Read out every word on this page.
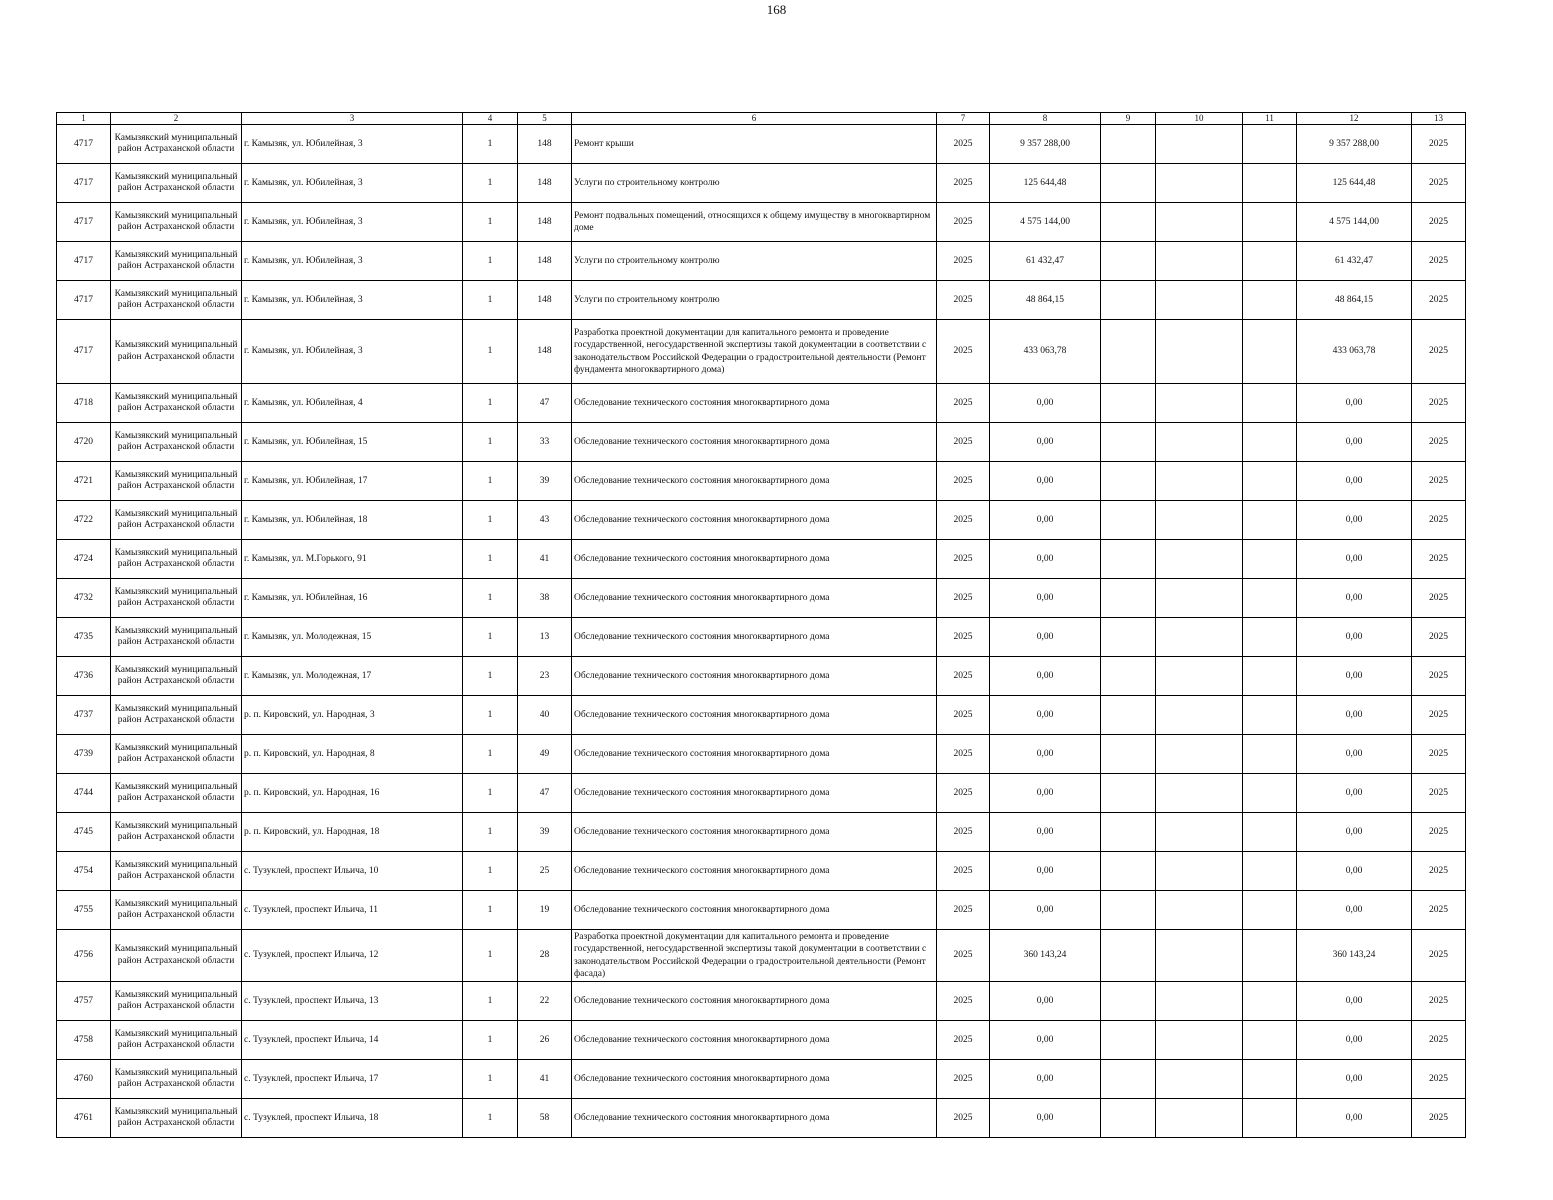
168
1	2	3	4	5	6	7	8	9	10	11	12	13
4717	Камызякский муниципальный район Астраханской области	г. Камызяк, ул. Юбилейная, 3	1	148	Ремонт крыши	2025	9 357 288,00				9 357 288,00	2025
4717	Камызякский муниципальный район Астраханской области	г. Камызяк, ул. Юбилейная, 3	1	148	Услуги по строительному контролю	2025	125 644,48				125 644,48	2025
4717	Камызякский муниципальный район Астраханской области	г. Камызяк, ул. Юбилейная, 3	1	148	Ремонт подвальных помещений, относящихся к общему имуществу в многоквартирном доме	2025	4 575 144,00				4 575 144,00	2025
4717	Камызякский муниципальный район Астраханской области	г. Камызяк, ул. Юбилейная, 3	1	148	Услуги по строительному контролю	2025	61 432,47				61 432,47	2025
4717	Камызякский муниципальный район Астраханской области	г. Камызяк, ул. Юбилейная, 3	1	148	Услуги по строительному контролю	2025	48 864,15				48 864,15	2025
4717	Камызякский муниципальный район Астраханской области	г. Камызяк, ул. Юбилейная, 3	1	148	Разработка проектной документации для капитального ремонта и проведение государственной, негосударственной экспертизы такой документации в соответствии с законодательством Российской Федерации о градостроительной деятельности (Ремонт фундамента многоквартирного дома)	2025	433 063,78				433 063,78	2025
4718	Камызякский муниципальный район Астраханской области	г. Камызяк, ул. Юбилейная, 4	1	47	Обследование технического состояния многоквартирного дома	2025	0,00				0,00	2025
4720	Камызякский муниципальный район Астраханской области	г. Камызяк, ул. Юбилейная, 15	1	33	Обследование технического состояния многоквартирного дома	2025	0,00				0,00	2025
4721	Камызякский муниципальный район Астраханской области	г. Камызяк, ул. Юбилейная, 17	1	39	Обследование технического состояния многоквартирного дома	2025	0,00				0,00	2025
4722	Камызякский муниципальный район Астраханской области	г. Камызяк, ул. Юбилейная, 18	1	43	Обследование технического состояния многоквартирного дома	2025	0,00				0,00	2025
4724	Камызякский муниципальный район Астраханской области	г. Камызяк, ул. М.Горького, 91	1	41	Обследование технического состояния многоквартирного дома	2025	0,00				0,00	2025
4732	Камызякский муниципальный район Астраханской области	г. Камызяк, ул. Юбилейная, 16	1	38	Обследование технического состояния многоквартирного дома	2025	0,00				0,00	2025
4735	Камызякский муниципальный район Астраханской области	г. Камызяк, ул. Молодежная, 15	1	13	Обследование технического состояния многоквартирного дома	2025	0,00				0,00	2025
4736	Камызякский муниципальный район Астраханской области	г. Камызяк, ул. Молодежная, 17	1	23	Обследование технического состояния многоквартирного дома	2025	0,00				0,00	2025
4737	Камызякский муниципальный район Астраханской области	р. п. Кировский, ул. Народная, 3	1	40	Обследование технического состояния многоквартирного дома	2025	0,00				0,00	2025
4739	Камызякский муниципальный район Астраханской области	р. п. Кировский, ул. Народная, 8	1	49	Обследование технического состояния многоквартирного дома	2025	0,00				0,00	2025
4744	Камызякский муниципальный район Астраханской области	р. п. Кировский, ул. Народная, 16	1	47	Обследование технического состояния многоквартирного дома	2025	0,00				0,00	2025
4745	Камызякский муниципальный район Астраханской области	р. п. Кировский, ул. Народная, 18	1	39	Обследование технического состояния многоквартирного дома	2025	0,00				0,00	2025
4754	Камызякский муниципальный район Астраханской области	с. Тузуклей, проспект Ильича, 10	1	25	Обследование технического состояния многоквартирного дома	2025	0,00				0,00	2025
4755	Камызякский муниципальный район Астраханской области	с. Тузуклей, проспект Ильича, 11	1	19	Обследование технического состояния многоквартирного дома	2025	0,00				0,00	2025
4756	Камызякский муниципальный район Астраханской области	с. Тузуклей, проспект Ильича, 12	1	28	Разработка проектной документации для капитального ремонта и проведение государственной, негосударственной экспертизы такой документации в соответствии с законодательством Российской Федерации о градостроительной деятельности (Ремонт фасада)	2025	360 143,24				360 143,24	2025
4757	Камызякский муниципальный район Астраханской области	с. Тузуклей, проспект Ильича, 13	1	22	Обследование технического состояния многоквартирного дома	2025	0,00				0,00	2025
4758	Камызякский муниципальный район Астраханской области	с. Тузуклей, проспект Ильича, 14	1	26	Обследование технического состояния многоквартирного дома	2025	0,00				0,00	2025
4760	Камызякский муниципальный район Астраханской области	с. Тузуклей, проспект Ильича, 17	1	41	Обследование технического состояния многоквартирного дома	2025	0,00				0,00	2025
4761	Камызякский муниципальный район Астраханской области	с. Тузуклей, проспект Ильича, 18	1	58	Обследование технического состояния многоквартирного дома	2025	0,00				0,00	2025
